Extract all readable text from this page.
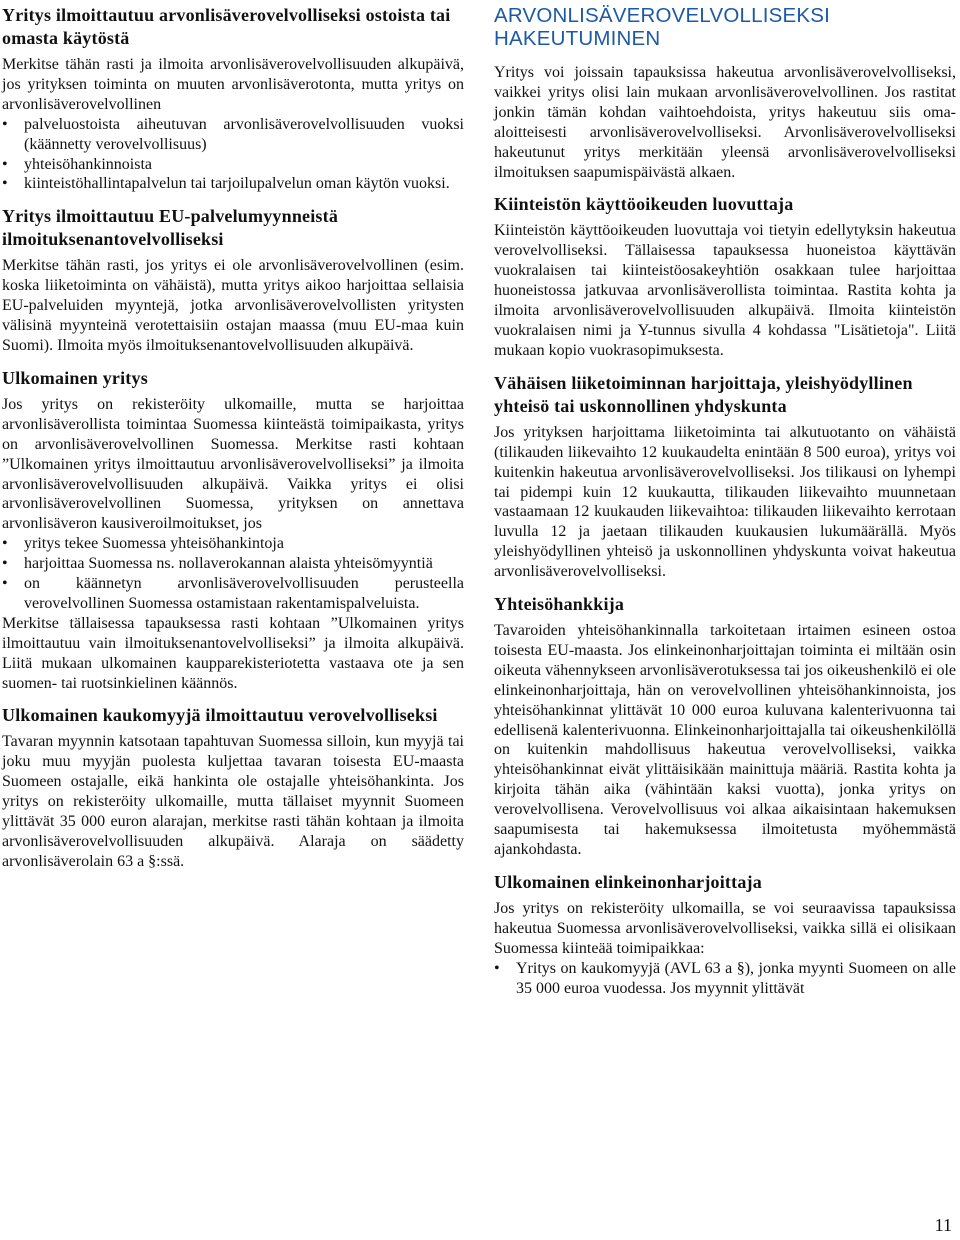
Yritys ilmoittautuu arvonlisäverovelvolliseksi ostoista tai omasta käytöstä

Merkitse tähän rasti ja ilmoita arvonlisäverovelvollisuuden alkupäivä, jos yrityksen toiminta on muuten arvonlisäverotonta, mutta yritys on arvonlisäverovelvollinen

• palveluostoista aiheutuvan arvonlisäverovelvollisuuden vuoksi (käännetty verovelvollisuus)
• yhteisöhankinnoista
• kiinteistöhallintapalvelun tai tarjoilupalvelun oman käytön vuoksi.
Yritys ilmoittautuu EU-palvelumyynneistä ilmoituksenantovelvolliseksi

Merkitse tähän rasti, jos yritys ei ole arvonlisäverovelvollinen (esim. koska liiketoiminta on vähäistä), mutta yritys aikoo harjoittaa sellaisia EU-palveluiden myyntejä, jotka arvonlisäverovelvollisten yritysten välisinä myynteinä verotettaisiin ostajan maassa (muu EU-maa kuin Suomi). Ilmoita myös ilmoituksenantovelvollisuuden alkupäivä.

Ulkomainen yritys

Jos yritys on rekisteröity ulkomaille, mutta se harjoittaa arvonlisäverollista toimintaa Suomessa kiinteästä toimipaikasta, yritys on arvonlisäverovelvollinen Suomessa. Merkitse rasti kohtaan ”Ulkomainen yritys ilmoittautuu arvonlisäverovelvolliseksi” ja ilmoita arvonlisäverovelvollisuuden alkupäivä. Vaikka yritys ei olisi arvonlisäverovelvollinen Suomessa, yrityksen on annettava arvonlisäveron kausiveroilmoitukset, jos

• yritys tekee Suomessa yhteisöhankintoja
• harjoittaa Suomessa ns. nollaverokannan alaista yhteisömyyntiä
• on käännetyn arvonlisäverovelvollisuuden perusteella verovelvollinen Suomessa ostamistaan rakentamispalveluista.

Merkitse tällaisessa tapauksessa rasti kohtaan ”Ulkomainen yritys ilmoittautuu vain ilmoituksenantovelvolliseksi” ja ilmoita alkupäivä. Liitä mukaan ulkomainen kaupparekisteriotetta vastaava ote ja sen suomen- tai ruotsinkielinen käännös.

Ulkomainen kaukomyyjä ilmoittautuu verovelvolliseksi

Tavaran myynnin katsotaan tapahtuvan Suomessa silloin, kun myyjä tai joku muu myyjän puolesta kuljettaa tavaran toisesta EU-maasta Suomeen ostajalle, eikä hankinta ole ostajalle yhteisöhankinta. Jos yritys on rekisteröity ulkomaille, mutta tällaiset myynnit Suomeen ylittävät 35 000 euron alarajan, merkitse rasti tähän kohtaan ja ilmoita arvonlisäverovelvollisuuden alkupäivä. Alaraja on säädetty arvonlisäverolain 63 a §:ssä.

ARVONLISÄVEROVELVOLLISEKSI HAKEUTUMINEN

Yritys voi joissain tapauksissa hakeutua arvonlisäverovelvolliseksi, vaikkei yritys olisi lain mukaan arvonlisäverovelvollinen. Jos rastitat jonkin tämän kohdan vaihtoehdoista, yritys hakeutuu siis oma-aloitteisesti arvonlisäverovelvolliseksi. Arvonlisäverovelvolliseksi hakeutunut yritys merkitään yleensä arvonlisäverovelvolliseksi ilmoituksen saapumispäivästä alkaen.

Kiinteistön käyttöoikeuden luovuttaja

Kiinteistön käyttöoikeuden luovuttaja voi tietyin edellytyksin hakeutua verovelvolliseksi. Tällaisessa tapauksessa huoneistoa käyttävän vuokralaisen tai kiinteistöosakeyhtiön osakkaan tulee harjoittaa huoneistossa jatkuvaa arvonlisäverollista toimintaa. Rastita kohta ja ilmoita arvonlisäverovelvollisuuden alkupäivä. Ilmoita kiinteistön vuokralaisen nimi ja Y-tunnus sivulla 4 kohdassa "Lisätietoja". Liitä mukaan kopio vuokrasopimuksesta.

Vähäisen liiketoiminnan harjoittaja, yleishyödyllinen yhteisö tai uskonnollinen yhdyskunta

Jos yrityksen harjoittama liiketoiminta tai alkutuotanto on vähäistä (tilikauden liikevaihto 12 kuukaudelta enintään 8 500 euroa), yritys voi kuitenkin hakeutua arvonlisäverovelvolliseksi. Jos tilikausi on lyhempi tai pidempi kuin 12 kuukautta, tilikauden liikevaihto muunnetaan vastaamaan 12 kuukauden liikevaihtoa: tilikauden liikevaihto kerrotaan luvulla 12 ja jaetaan tilikauden kuukausien lukumäärällä. Myös yleishyödyllinen yhteisö ja uskonnollinen yhdyskunta voivat hakeutua arvonlisäverovelvolliseksi.

Yhteisöhankkija

Tavaroiden yhteisöhankinnalla tarkoitetaan irtaimen esineen ostoa toisesta EU-maasta. Jos elinkeinonharjoittajan toiminta ei miltään osin oikeuta vähennykseen arvonlisäverotuksessa tai jos oikeushenkilö ei ole elinkeinonharjoittaja, hän on verovelvollinen yhteisöhankinnoista, jos yhteisöhankinnat ylittävät 10 000 euroa kuluvana kalenterivuonna tai edellisenä kalenterivuonna. Elinkeinonharjoittajalla tai oikeushenkilöllä on kuitenkin mahdollisuus hakeutua verovelvolliseksi, vaikka yhteisöhankinnat eivät ylittäisikään mainittuja määriä. Rastita kohta ja kirjoita tähän aika (vähintään kaksi vuotta), jonka yritys on verovelvollisena. Verovelvollisuus voi alkaa aikaisintaan hakemuksen saapumisesta tai hakemuksessa ilmoitetusta myöhemmästä ajankohdasta.

Ulkomainen elinkeinonharjoittaja

Jos yritys on rekisteröity ulkomailla, se voi seuraavissa tapauksissa hakeutua Suomessa arvonlisäverovelvolliseksi, vaikka sillä ei olisikaan Suomessa kiinteää toimipaikkaa:

• Yritys on kaukomyyjä (AVL 63 a §), jonka myynti Suomeen on alle 35 000 euroa vuodessa. Jos myynnit ylittävät
11
